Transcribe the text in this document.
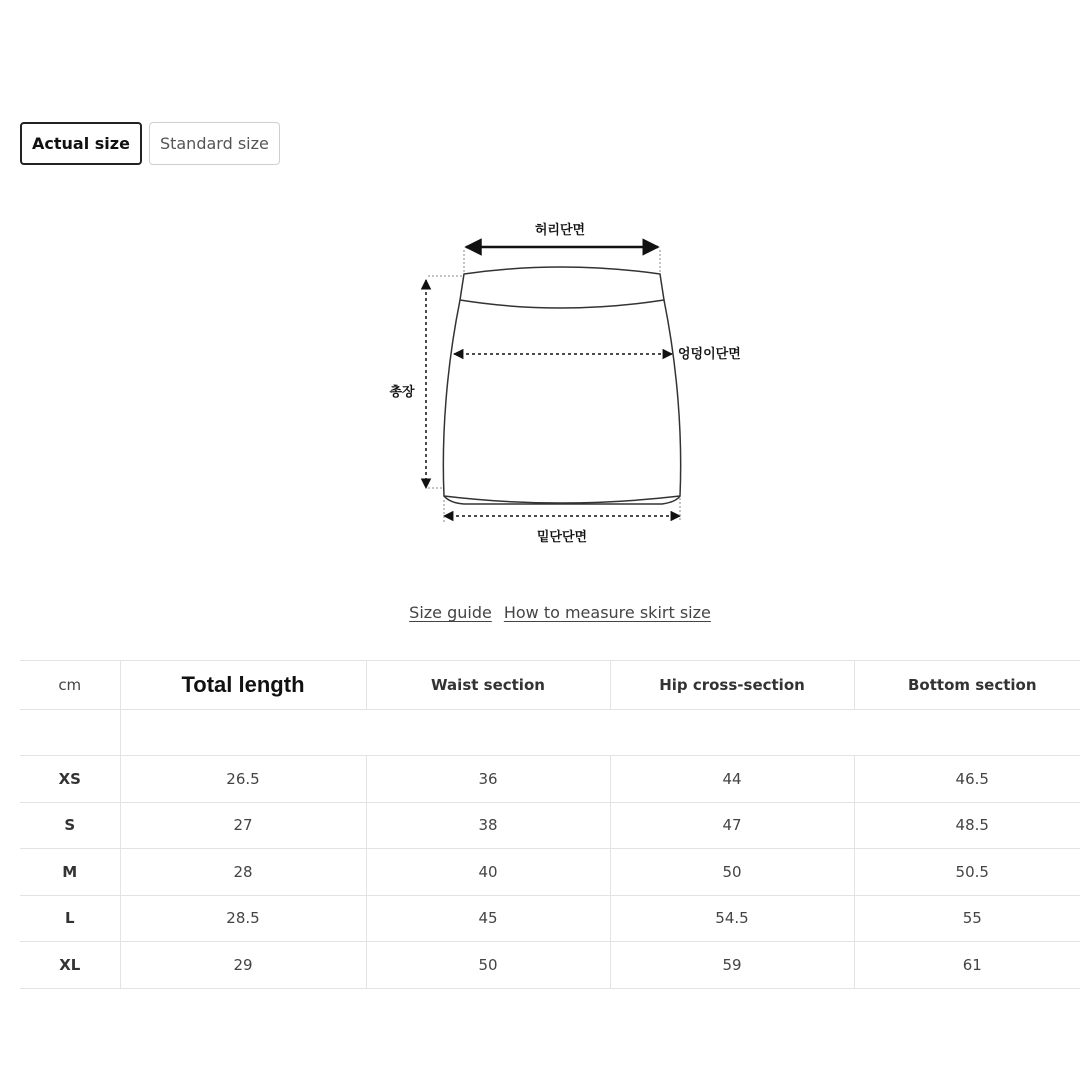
Actual size	Standard size
허리단면
엉덩이단면
총장
밑단단면
Size guide How to measure skirt size
cm	Total length	Waist section	Hip cross-section	Bottom section

XS	26.5	36	44	46.5
S	27	38	47	48.5
M	28	40	50	50.5
L	28.5	45	54.5	55
XL	29	50	59	61
